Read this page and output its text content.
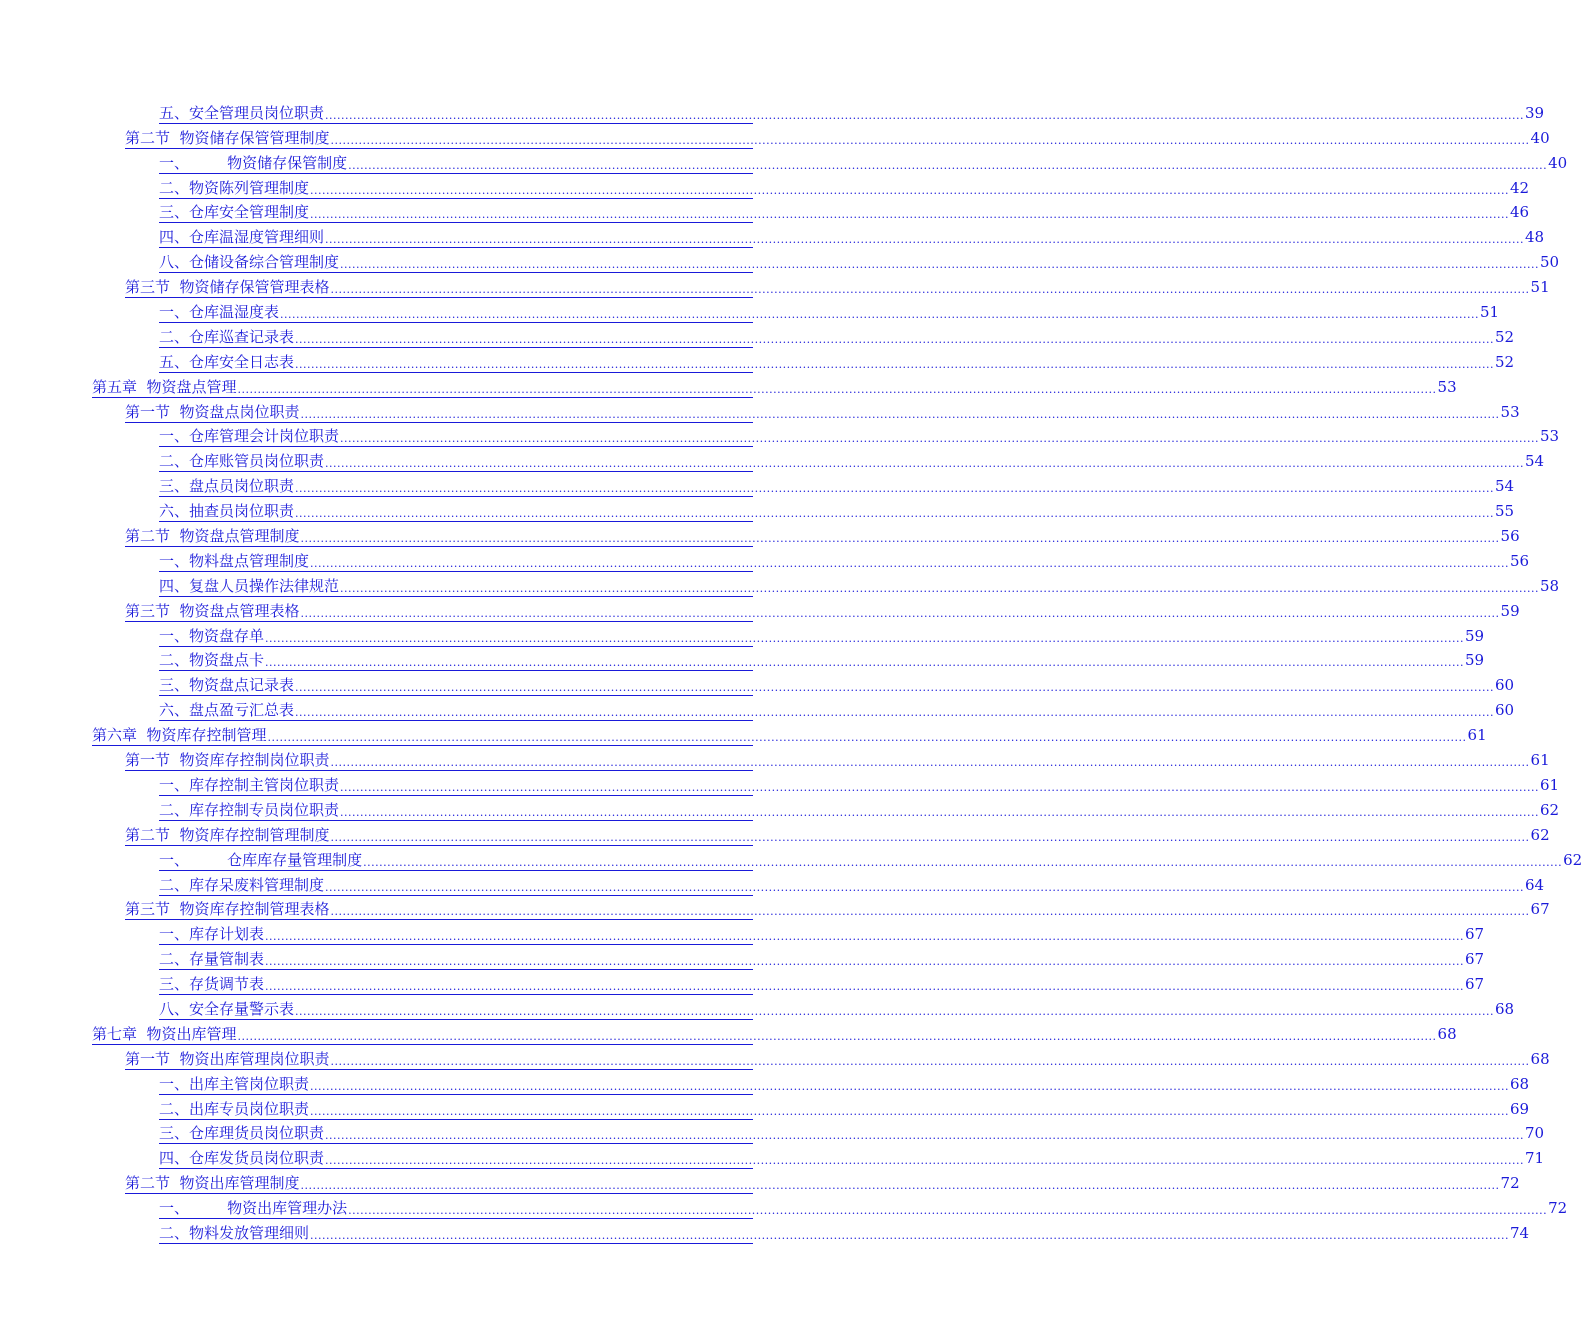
五、安全管理员岗位职责 ............................................................................................................................................................................................................................................................................................................ 39
第二节  物资储存保管管理制度 ............................................................................................................................................................................................................................................................................................................ 40
一、        物资储存保管制度 ............................................................................................................................................................................................................................................................................................................ 40
二、物资陈列管理制度 ............................................................................................................................................................................................................................................................................................................ 42
三、仓库安全管理制度 ............................................................................................................................................................................................................................................................................................................ 46
四、仓库温湿度管理细则 ............................................................................................................................................................................................................................................................................................................ 48
八、仓储设备综合管理制度 ............................................................................................................................................................................................................................................................................................................ 50
第三节  物资储存保管管理表格 ............................................................................................................................................................................................................................................................................................................ 51
一、仓库温湿度表 ............................................................................................................................................................................................................................................................................................................ 51
二、仓库巡查记录表 ............................................................................................................................................................................................................................................................................................................ 52
五、仓库安全日志表 ............................................................................................................................................................................................................................................................................................................ 52
第五章  物资盘点管理 ............................................................................................................................................................................................................................................................................................................ 53
第一节  物资盘点岗位职责 ............................................................................................................................................................................................................................................................................................................ 53
一、仓库管理会计岗位职责 ............................................................................................................................................................................................................................................................................................................ 53
二、仓库账管员岗位职责 ............................................................................................................................................................................................................................................................................................................ 54
三、盘点员岗位职责 ............................................................................................................................................................................................................................................................................................................ 54
六、抽查员岗位职责 ............................................................................................................................................................................................................................................................................................................ 55
第二节  物资盘点管理制度 ............................................................................................................................................................................................................................................................................................................ 56
一、物料盘点管理制度 ............................................................................................................................................................................................................................................................................................................ 56
四、复盘人员操作法律规范 ............................................................................................................................................................................................................................................................................................................ 58
第三节  物资盘点管理表格 ............................................................................................................................................................................................................................................................................................................ 59
一、物资盘存单 ............................................................................................................................................................................................................................................................................................................ 59
二、物资盘点卡 ............................................................................................................................................................................................................................................................................................................ 59
三、物资盘点记录表 ............................................................................................................................................................................................................................................................................................................ 60
六、盘点盈亏汇总表 ............................................................................................................................................................................................................................................................................................................ 60
第六章  物资库存控制管理 ............................................................................................................................................................................................................................................................................................................ 61
第一节  物资库存控制岗位职责 ............................................................................................................................................................................................................................................................................................................ 61
一、库存控制主管岗位职责 ............................................................................................................................................................................................................................................................................................................ 61
二、库存控制专员岗位职责 ............................................................................................................................................................................................................................................................................................................ 62
第二节  物资库存控制管理制度 ............................................................................................................................................................................................................................................................................................................ 62
一、        仓库库存量管理制度 ............................................................................................................................................................................................................................................................................................................ 62
二、库存呆废料管理制度 ............................................................................................................................................................................................................................................................................................................ 64
第三节  物资库存控制管理表格 ............................................................................................................................................................................................................................................................................................................ 67
一、库存计划表 ............................................................................................................................................................................................................................................................................................................ 67
二、存量管制表 ............................................................................................................................................................................................................................................................................................................ 67
三、存货调节表 ............................................................................................................................................................................................................................................................................................................ 67
八、安全存量警示表 ............................................................................................................................................................................................................................................................................................................ 68
第七章  物资出库管理 ............................................................................................................................................................................................................................................................................................................ 68
第一节  物资出库管理岗位职责 ............................................................................................................................................................................................................................................................................................................ 68
一、出库主管岗位职责 ............................................................................................................................................................................................................................................................................................................ 68
二、出库专员岗位职责 ............................................................................................................................................................................................................................................................................................................ 69
三、仓库理货员岗位职责 ............................................................................................................................................................................................................................................................................................................ 70
四、仓库发货员岗位职责 ............................................................................................................................................................................................................................................................................................................ 71
第二节  物资出库管理制度 ............................................................................................................................................................................................................................................................................................................ 72
一、        物资出库管理办法 ............................................................................................................................................................................................................................................................................................................ 72
二、物料发放管理细则 ............................................................................................................................................................................................................................................................................................................ 74
